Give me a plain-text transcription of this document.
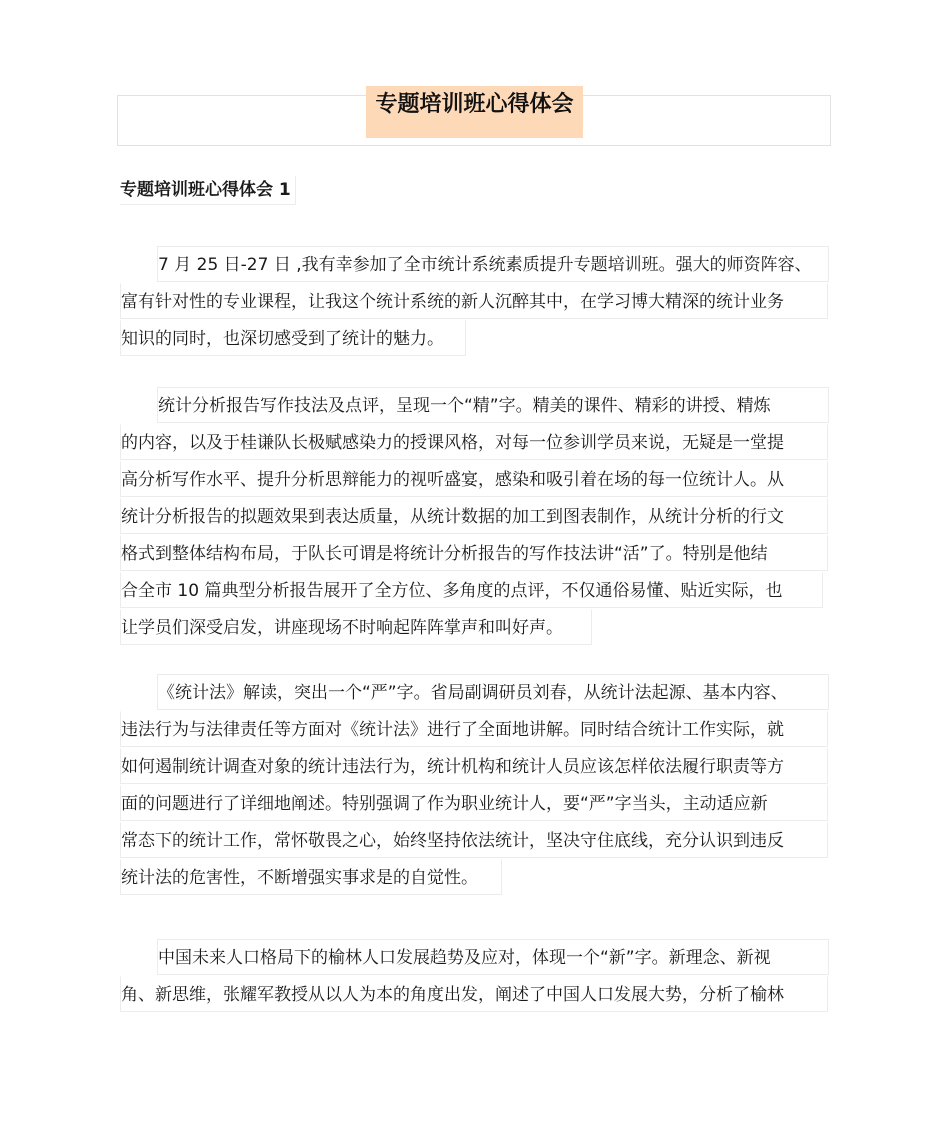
专题培训班心得体会
专题培训班心得体会 1
7 月 25 日-27 日 ,我有幸参加了全市统计系统素质提升专题培训班。强大的师资阵容、
富有针对性的专业课程，让我这个统计系统的新人沉醉其中，在学习博大精深的统计业务
知识的同时，也深切感受到了统计的魅力。
统计分析报告写作技法及点评，呈现一个“精”字。精美的课件、精彩的讲授、精炼
的内容，以及于桂谦队长极赋感染力的授课风格，对每一位参训学员来说，无疑是一堂提
高分析写作水平、提升分析思辩能力的视听盛宴，感染和吸引着在场的每一位统计人。从
统计分析报告的拟题效果到表达质量，从统计数据的加工到图表制作，从统计分析的行文
格式到整体结构布局，于队长可谓是将统计分析报告的写作技法讲“活”了。特别是他结
合全市 10 篇典型分析报告展开了全方位、多角度的点评，不仅通俗易懂、贴近实际，也
让学员们深受启发，讲座现场不时响起阵阵掌声和叫好声。
《统计法》解读，突出一个“严”字。省局副调研员刘春，从统计法起源、基本内容、
违法行为与法律责任等方面对《统计法》进行了全面地讲解。同时结合统计工作实际，就
如何遏制统计调查对象的统计违法行为，统计机构和统计人员应该怎样依法履行职责等方
面的问题进行了详细地阐述。特别强调了作为职业统计人，要“严”字当头，主动适应新
常态下的统计工作，常怀敬畏之心，始终坚持依法统计，坚决守住底线，充分认识到违反
统计法的危害性，不断增强实事求是的自觉性。
中国未来人口格局下的榆林人口发展趋势及应对，体现一个“新”字。新理念、新视
角、新思维，张耀军教授从以人为本的角度出发，阐述了中国人口发展大势，分析了榆林
